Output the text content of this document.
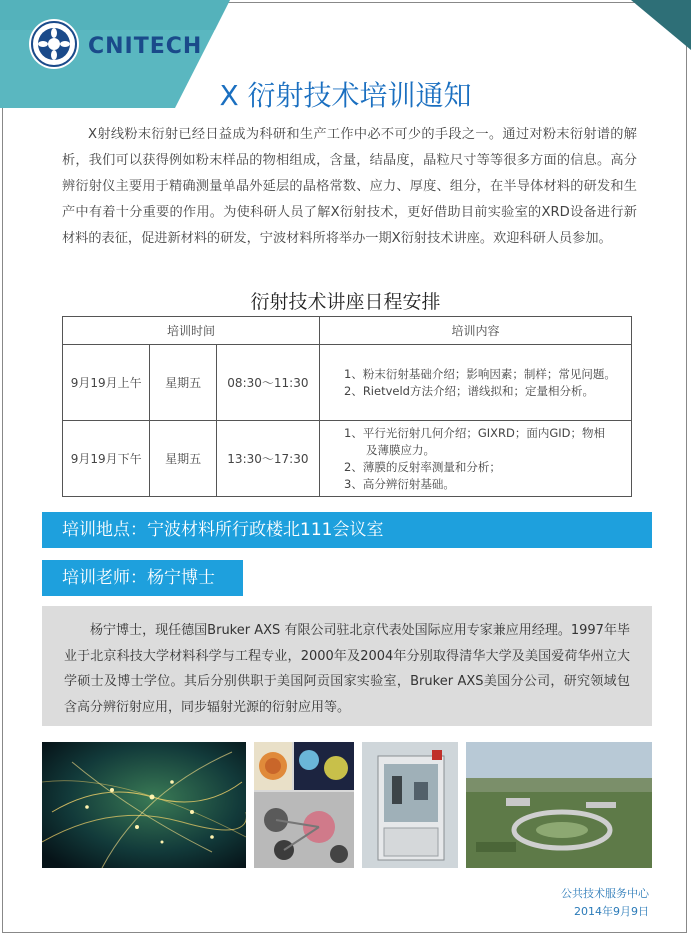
CNITECH
X 衍射技术培训通知

X射线粉末衍射已经日益成为科研和生产工作中必不可少的手段之一。通过对粉末衍射谱的解析，我们可以获得例如粉末样品的物相组成，含量，结晶度，晶粒尺寸等等很多方面的信息。高分辨衍射仪主要用于精确测量单晶外延层的晶格常数、应力、厚度、组分，在半导体材料的研发和生产中有着十分重要的作用。为使科研人员了解X衍射技术，更好借助目前实验室的XRD设备进行新材料的表征，促进新材料的研发，宁波材料所将举办一期X衍射技术讲座。欢迎科研人员参加。

衍射技术讲座日程安排
培训时间			培训内容
9月19月上午	星期五	08:30～11:30	1、粉末衍射基础介绍；影响因素；制样；常见问题。
2、Rietveld方法介绍；谱线拟和；定量相分析。

9月19月下午	星期五	13:30～17:30	1、平行光衍射几何介绍；GIXRD；面内GID；物相
及薄膜应力。
2、薄膜的反射率测量和分析；
3、高分辨衍射基础。
培训地点：宁波材料所行政楼北111会议室
培训老师：杨宁博士

杨宁博士，现任德国Bruker AXS 有限公司驻北京代表处国际应用专家兼应用经理。1997年毕业于北京科技大学材料科学与工程专业，2000年及2004年分别取得清华大学及美国爱荷华州立大学硕士及博士学位。其后分别供职于美国阿贡国家实验室，Bruker AXS美国分公司，研究领域包含高分辨衍射应用，同步辐射光源的衍射应用等。

公共技术服务中心
2014年9月9日
